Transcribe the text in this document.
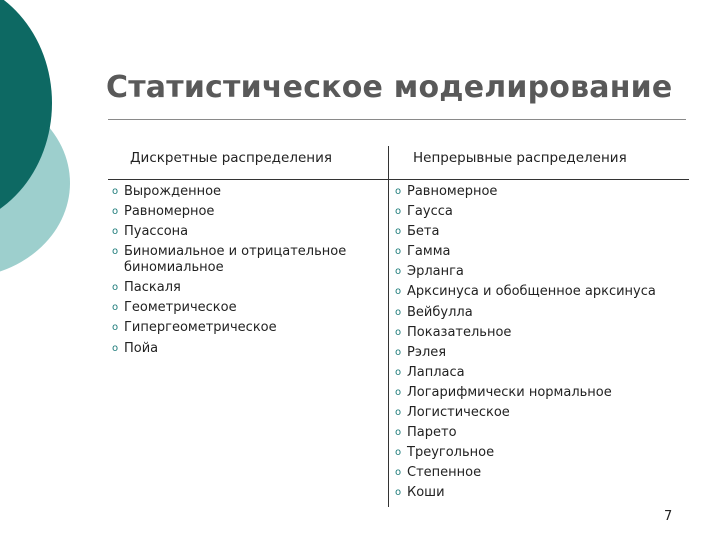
Статистическое моделирование
Дискретные распределения	Непрерывные распределения
o Вырожденное
o Равномерное
o Пуассона
o Биномиальное и отрицательное биномиальное
o Паскаля
o Геометрическое
o Гипергеометрическое
o Пойа
o Равномерное
o Гаусса
o Бета
o Гамма
o Эрланга
o Арксинуса и обобщенное арксинуса
o Вейбулла
o Показательное
o Рэлея
o Лапласа
o Логарифмически нормальное
o Логистическое
o Парето
o Треугольное
o Степенное
o Коши
7
